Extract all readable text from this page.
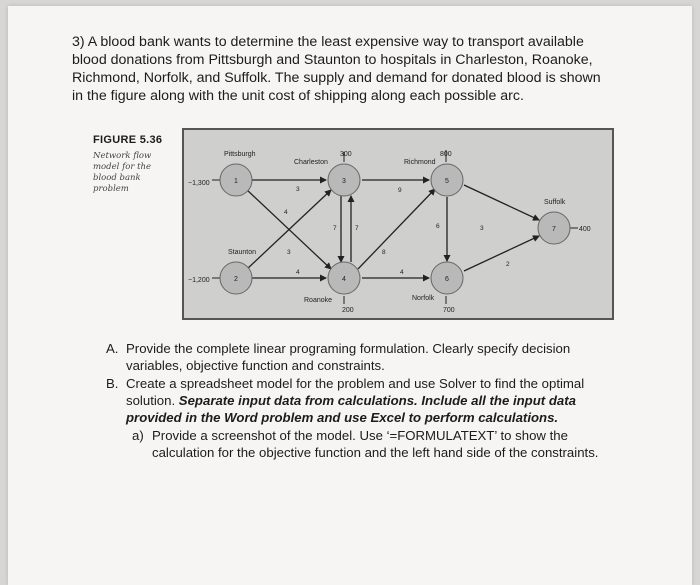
3) A blood bank wants to determine the least expensive way to transport available blood donations from Pittsburgh and Staunton to hospitals in Charleston, Roanoke, Richmond, Norfolk, and Suffolk. The supply and demand for donated blood is shown in the figure along with the unit cost of shipping along each possible arc.

FIGURE 5.36
Network flow model for the blood bank problem
1
2
3
4
5
6
7
Pittsburgh
Staunton
Charleston
Roanoke
Richmond
Norfolk
Suffolk
−1,300
−1,200
300
200
800
700
400
3
3
4
4
7	7
9
8
4
6	3
2
A. Provide the complete linear programing formulation. Clearly specify decision variables, objective function and constraints.
B. Create a spreadsheet model for the problem and use Solver to find the optimal solution. Separate input data from calculations. Include all the input data provided in the Word problem and use Excel to perform calculations.
a) Provide a screenshot of the model. Use ‘=FORMULATEXT’ to show the calculation for the objective function and the left hand side of the constraints.
